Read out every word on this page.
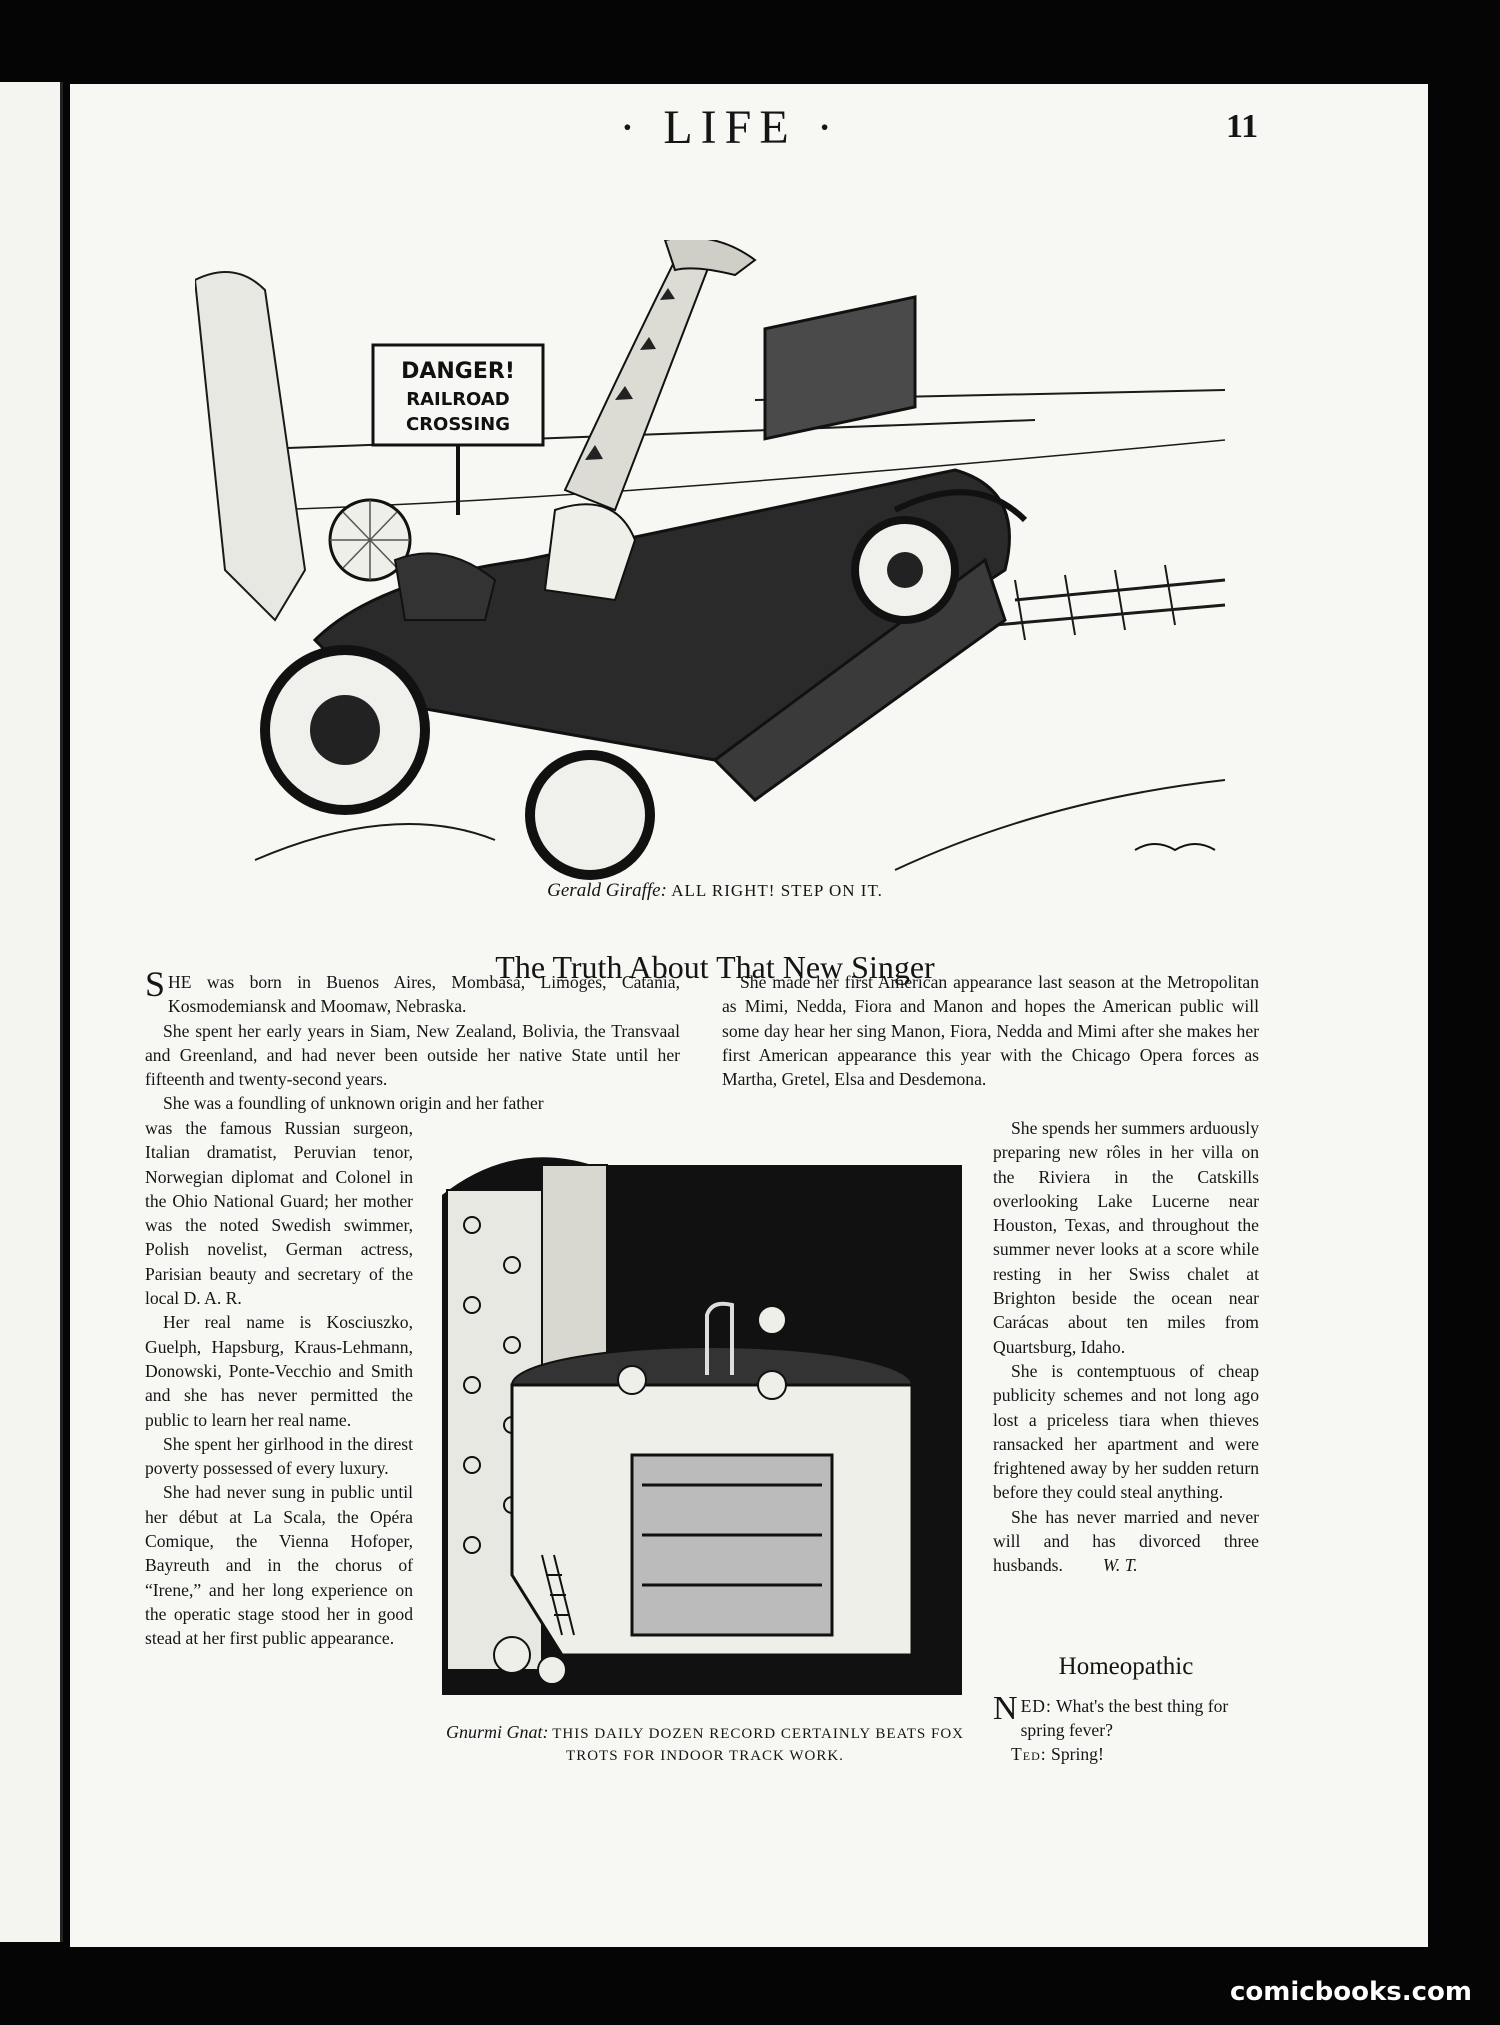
· LIFE ·	11
DANGER!
RAILROAD
CROSSING
Gerald Giraffe: ALL RIGHT! STEP ON IT.
The Truth About That New Singer

SHE was born in Buenos Aires, Mombasa, Limoges, Catania, Kosmodemiansk and Moomaw, Nebraska.

She spent her early years in Siam, New Zealand, Bolivia, the Transvaal and Greenland, and had never been outside her native State until her fifteenth and twenty-second years.

She was a foundling of unknown origin and her father

was the famous Russian surgeon, Italian dramatist, Peruvian tenor, Norwegian diplomat and Colonel in the Ohio National Guard; her mother was the noted Swedish swimmer, Polish novelist, German actress, Parisian beauty and secretary of the local D. A. R.

Her real name is Kosciuszko, Guelph, Hapsburg, Kraus-Lehmann, Donowski, Ponte-Vecchio and Smith and she has never permitted the public to learn her real name.

She spent her girlhood in the direst poverty possessed of every luxury.

She had never sung in public until her début at La Scala, the Opéra Comique, the Vienna Hofoper, Bayreuth and in the chorus of “Irene,” and her long experience on the operatic stage stood her in good stead at her first public appearance.

She made her first American appearance last season at the Metropolitan as Mimi, Nedda, Fiora and Manon and hopes the American public will some day hear her sing Manon, Fiora, Nedda and Mimi after she makes her first American appearance this year with the Chicago Opera forces as Martha, Gretel, Elsa and Desdemona.

She spends her summers arduously preparing new rôles in her villa on the Riviera in the Catskills overlooking Lake Lucerne near Houston, Texas, and throughout the summer never looks at a score while resting in her Swiss chalet at Brighton beside the ocean near Carácas about ten miles from Quartsburg, Idaho.

She is contemptuous of cheap publicity schemes and not long ago lost a priceless tiara when thieves ransacked her apartment and were frightened away by her sudden return before they could steal anything.

She has never married and never will and has divorced three husbands. W. T.

Gnurmi Gnat: THIS DAILY DOZEN RECORD CERTAINLY BEATS FOX TROTS FOR INDOOR TRACK WORK.
Homeopathic

NED: What's the best thing for spring fever?

Ted: Spring!

comicbooks.com
